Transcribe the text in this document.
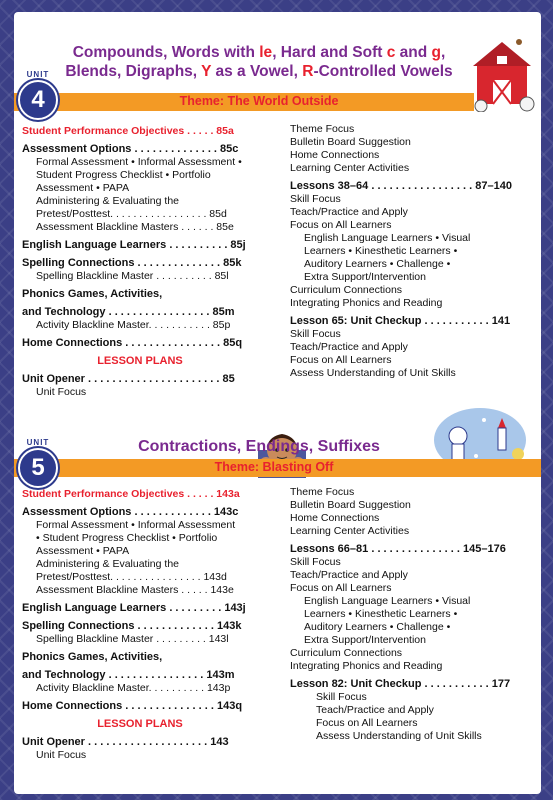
Compounds, Words with le, Hard and Soft c and g,
Blends, Digraphs, Y as a Vowel, R-Controlled Vowels
Theme: The World Outside
UNIT
4
Student Performance Objectives . . . . . 85a
Assessment Options . . . . . . . . . . . . . . 85c
Formal Assessment • Informal Assessment •
Student Progress Checklist • Portfolio
Assessment • PAPA
Administering & Evaluating the
Pretest/Posttest. . . . . . . . . . . . . . . . . 85d
Assessment Blackline Masters . . . . . . 85e
English Language Learners . . . . . . . . . . 85j
Spelling Connections . . . . . . . . . . . . . . 85k
Spelling Blackline Master . . . . . . . . . . 85l
Phonics Games, Activities,
and Technology . . . . . . . . . . . . . . . . . 85m
Activity Blackline Master. . . . . . . . . . . 85p
Home Connections . . . . . . . . . . . . . . . . 85q
LESSON PLANS
Unit Opener . . . . . . . . . . . . . . . . . . . . . . 85
Unit Focus
Theme Focus
Bulletin Board Suggestion
Home Connections
Learning Center Activities
Lessons 38–64 . . . . . . . . . . . . . . . . . 87–140
Skill Focus
Teach/Practice and Apply
Focus on All Learners
English Language Learners • Visual
Learners • Kinesthetic Learners •
Auditory Learners • Challenge •
Extra Support/Intervention
Curriculum Connections
Integrating Phonics and Reading
Lesson 65: Unit Checkup . . . . . . . . . . . 141
Skill Focus
Teach/Practice and Apply
Focus on All Learners
Assess Understanding of Unit Skills
Contractions, Endings, Suffixes
Theme: Blasting Off
UNIT
5
Student Performance Objectives . . . . . 143a
Assessment Options . . . . . . . . . . . . . 143c
Formal Assessment • Informal Assessment
• Student Progress Checklist • Portfolio
Assessment • PAPA
Administering & Evaluating the
Pretest/Posttest. . . . . . . . . . . . . . . . 143d
Assessment Blackline Masters . . . . . 143e
English Language Learners . . . . . . . . . 143j
Spelling Connections . . . . . . . . . . . . . 143k
Spelling Blackline Master . . . . . . . . . 143l
Phonics Games, Activities,
and Technology . . . . . . . . . . . . . . . . 143m
Activity Blackline Master. . . . . . . . . . 143p
Home Connections . . . . . . . . . . . . . . . 143q
LESSON PLANS
Unit Opener . . . . . . . . . . . . . . . . . . . . 143
Unit Focus
Theme Focus
Bulletin Board Suggestion
Home Connections
Learning Center Activities
Lessons 66–81 . . . . . . . . . . . . . . . 145–176
Skill Focus
Teach/Practice and Apply
Focus on All Learners
English Language Learners • Visual
Learners • Kinesthetic Learners •
Auditory Learners • Challenge •
Extra Support/Intervention
Curriculum Connections
Integrating Phonics and Reading
Lesson 82: Unit Checkup . . . . . . . . . . . 177
Skill Focus
Teach/Practice and Apply
Focus on All Learners
Assess Understanding of Unit Skills
